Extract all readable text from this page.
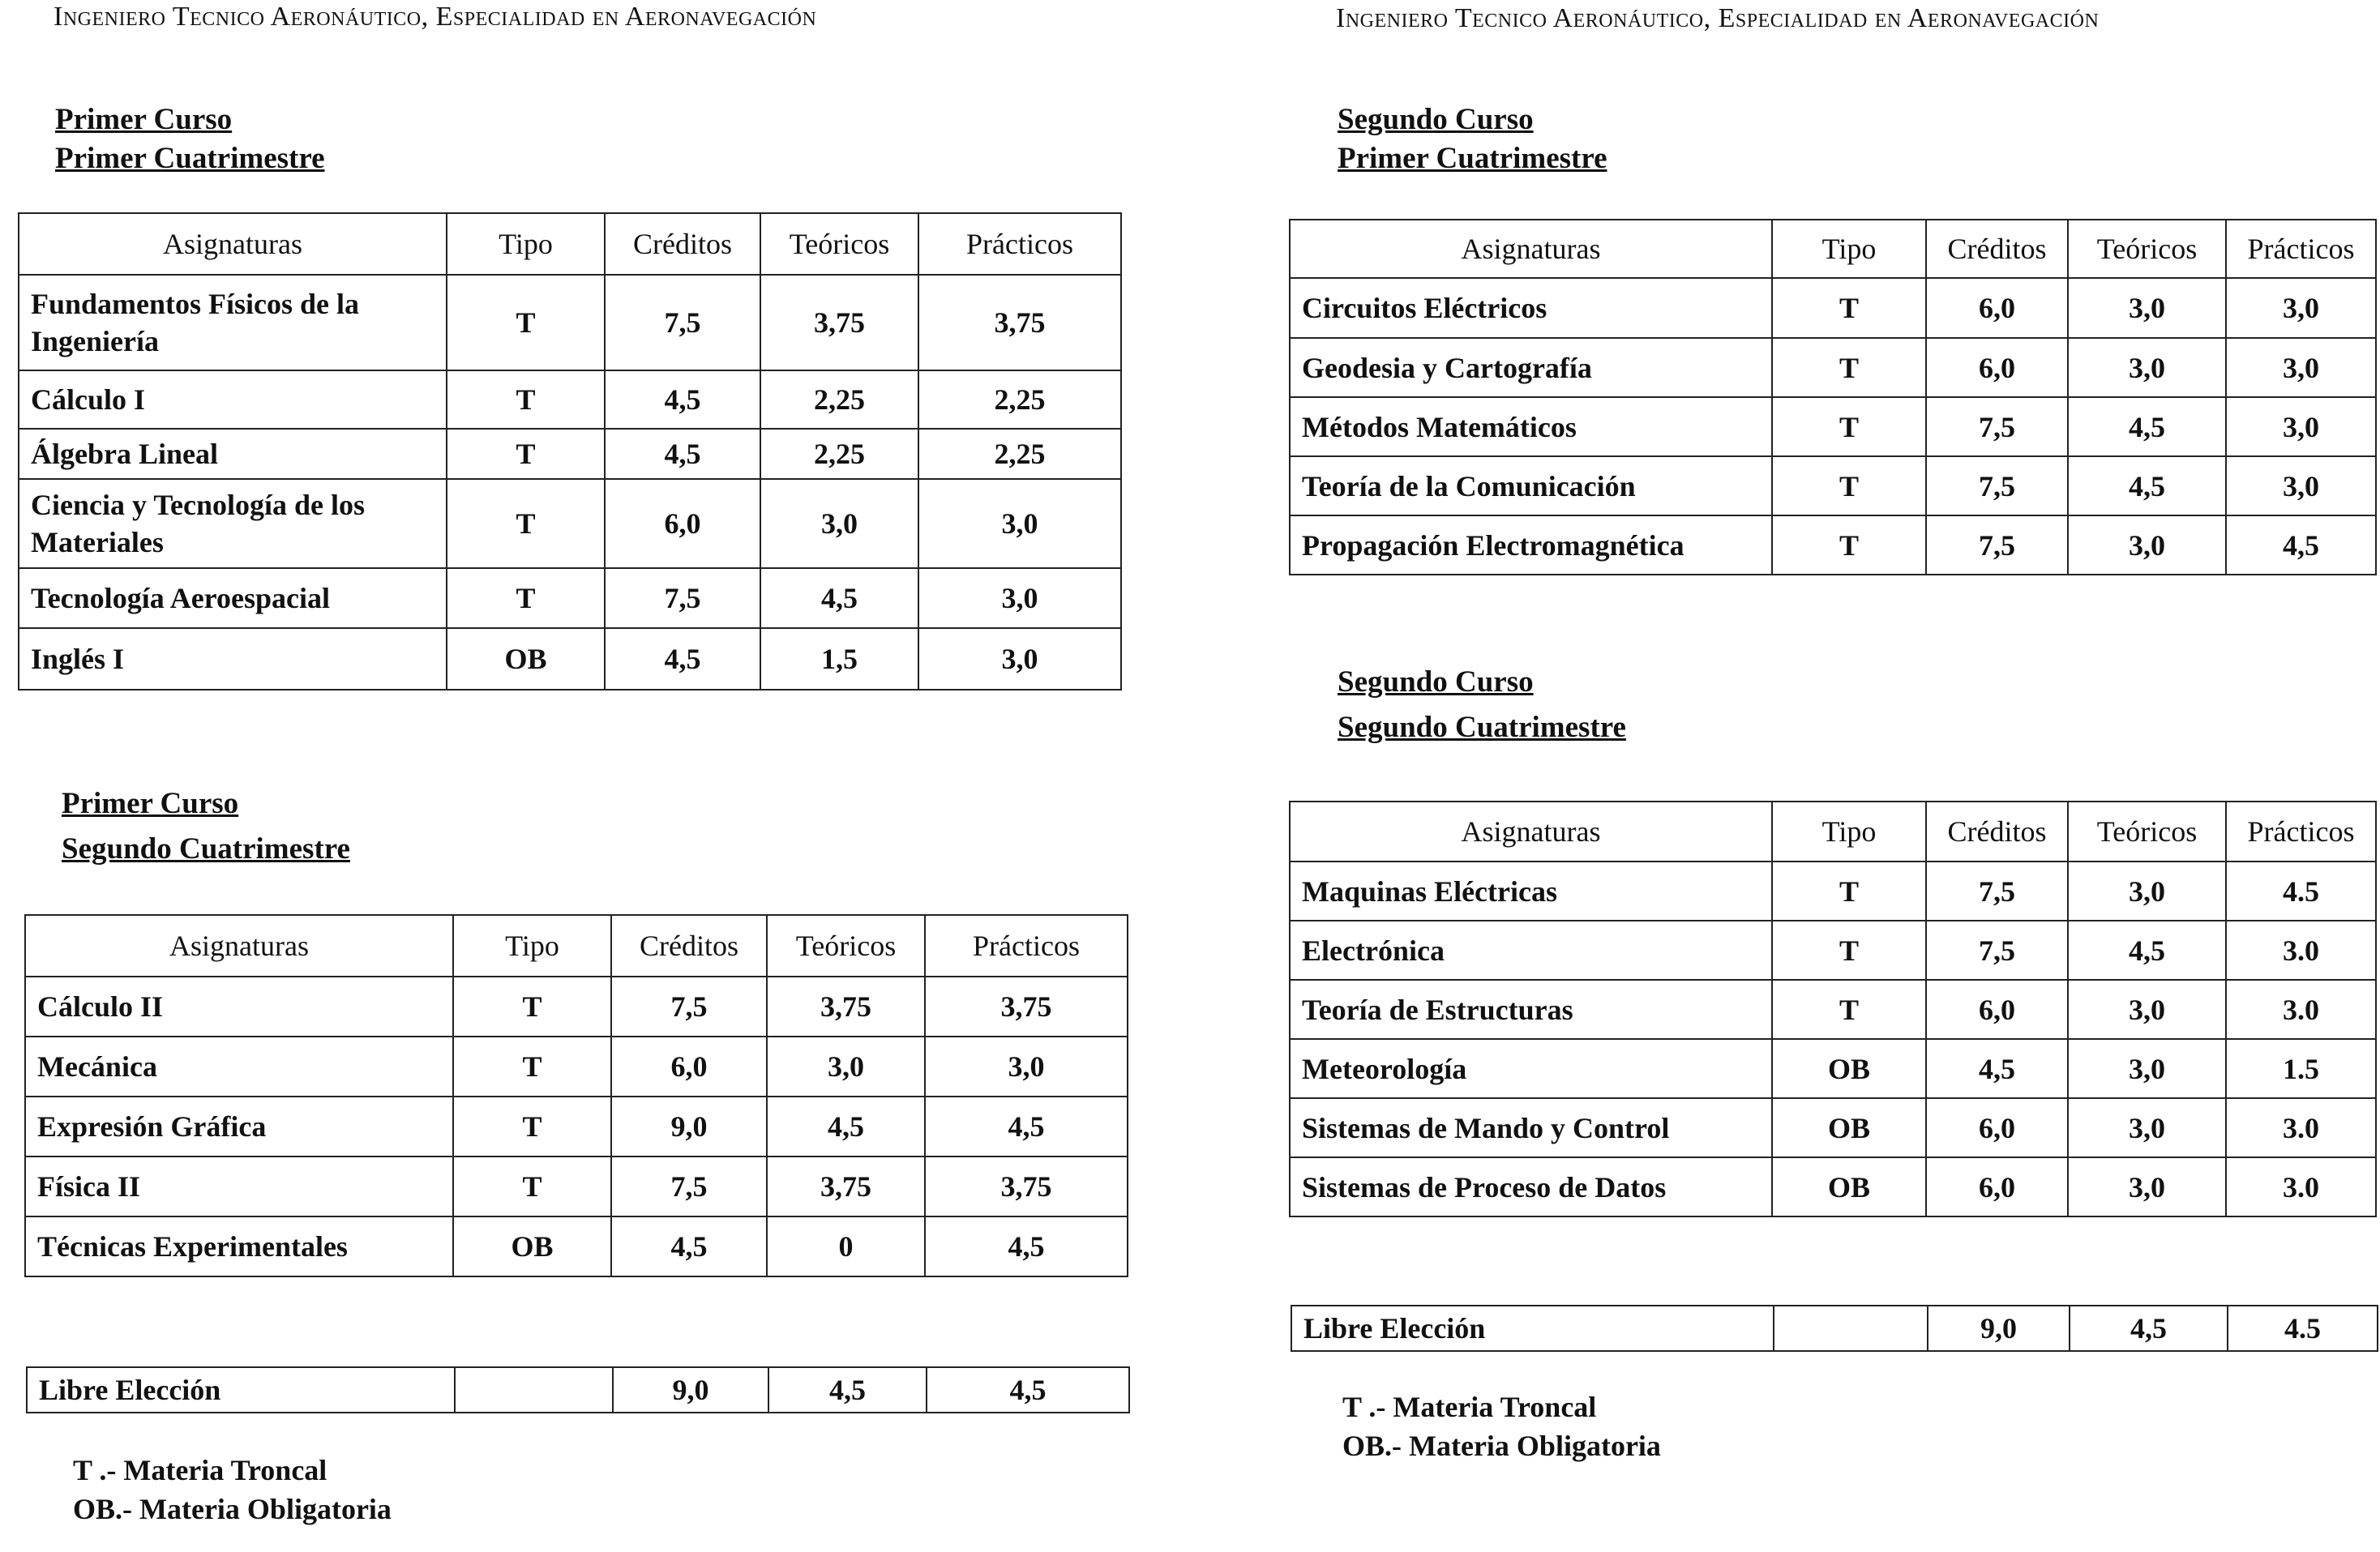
Ingeniero Tecnico Aeronáutico, Especialidad en Aeronavegación
Primer Curso
Primer Cuatrimestre
Asignaturas	Tipo	Créditos	Teóricos	Prácticos
Fundamentos Físicos de la Ingeniería	T	7,5	3,75	3,75
Cálculo I	T	4,5	2,25	2,25
Álgebra Lineal	T	4,5	2,25	2,25
Ciencia y Tecnología de los Materiales	T	6,0	3,0	3,0
Tecnología Aeroespacial	T	7,5	4,5	3,0
Inglés I	OB	4,5	1,5	3,0
Primer Curso
Segundo Cuatrimestre
Asignaturas	Tipo	Créditos	Teóricos	Prácticos
Cálculo II	T	7,5	3,75	3,75
Mecánica	T	6,0	3,0	3,0
Expresión Gráfica	T	9,0	4,5	4,5
Física II	T	7,5	3,75	3,75
Técnicas Experimentales	OB	4,5	0	4,5
Libre Elección		9,0	4,5	4,5
T .- Materia Troncal
OB.- Materia Obligatoria
Ingeniero Tecnico Aeronáutico, Especialidad en Aeronavegación
Segundo Curso
Primer Cuatrimestre
Asignaturas	Tipo	Créditos	Teóricos	Prácticos
Circuitos Eléctricos	T	6,0	3,0	3,0
Geodesia y Cartografía	T	6,0	3,0	3,0
Métodos Matemáticos	T	7,5	4,5	3,0
Teoría de la Comunicación	T	7,5	4,5	3,0
Propagación Electromagnética	T	7,5	3,0	4,5
Segundo Curso
Segundo Cuatrimestre
Asignaturas	Tipo	Créditos	Teóricos	Prácticos
Maquinas Eléctricas	T	7,5	3,0	4.5
Electrónica	T	7,5	4,5	3.0
Teoría de Estructuras	T	6,0	3,0	3.0
Meteorología	OB	4,5	3,0	1.5
Sistemas de Mando y Control	OB	6,0	3,0	3.0
Sistemas de Proceso de Datos	OB	6,0	3,0	3.0
Libre Elección		9,0	4,5	4.5
T .- Materia Troncal
OB.- Materia Obligatoria
